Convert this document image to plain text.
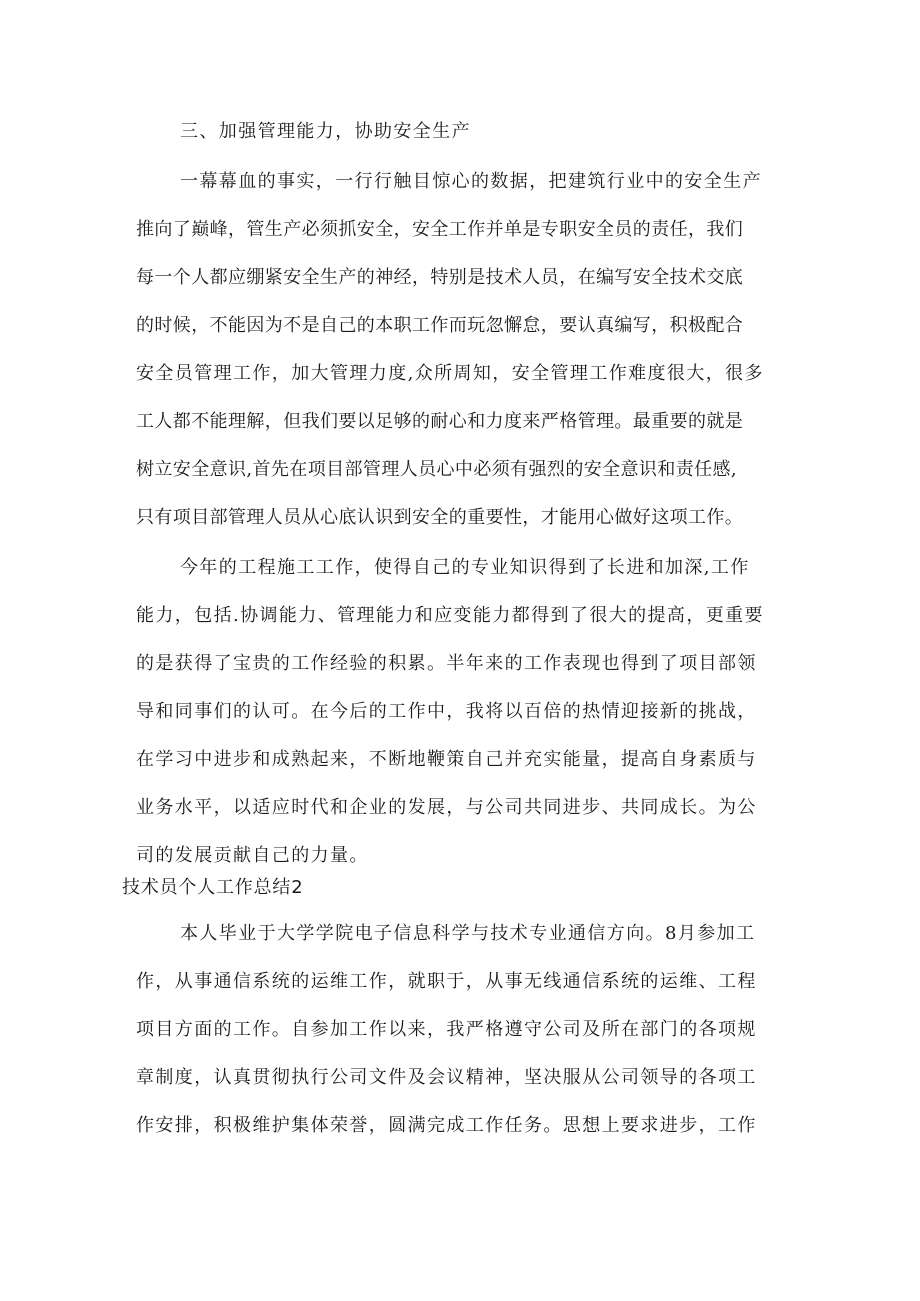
三、加强管理能力，协助安全生产
一幕幕血的事实，一行行触目惊心的数据，把建筑行业中的安全生产
推向了巅峰，管生产必须抓安全，安全工作并单是专职安全员的责任，我们
每一个人都应绷紧安全生产的神经，特别是技术人员，在编写安全技术交底
的时候，不能因为不是自己的本职工作而玩忽懈怠，要认真编写，积极配合
安全员管理工作，加大管理力度,众所周知，安全管理工作难度很大，很多
工人都不能理解，但我们要以足够的耐心和力度来严格管理。最重要的就是
树立安全意识,首先在项目部管理人员心中必须有强烈的安全意识和责任感,
只有项目部管理人员从心底认识到安全的重要性，才能用心做好这项工作。
今年的工程施工工作，使得自己的专业知识得到了长进和加深,工作
能力，包括.协调能力、管理能力和应变能力都得到了很大的提高，更重要
的是获得了宝贵的工作经验的积累。半年来的工作表现也得到了项目部领
导和同事们的认可。在今后的工作中，我将以百倍的热情迎接新的挑战，
在学习中进步和成熟起来，不断地鞭策自己并充实能量，提高自身素质与
业务水平，以适应时代和企业的发展，与公司共同进步、共同成长。为公
司的发展贡献自己的力量。
技术员个人工作总结2
本人毕业于大学学院电子信息科学与技术专业通信方向。8月参加工
作，从事通信系统的运维工作，就职于，从事无线通信系统的运维、工程
项目方面的工作。自参加工作以来，我严格遵守公司及所在部门的各项规
章制度，认真贯彻执行公司文件及会议精神，坚决服从公司领导的各项工
作安排，积极维护集体荣誉，圆满完成工作任务。思想上要求进步，工作
